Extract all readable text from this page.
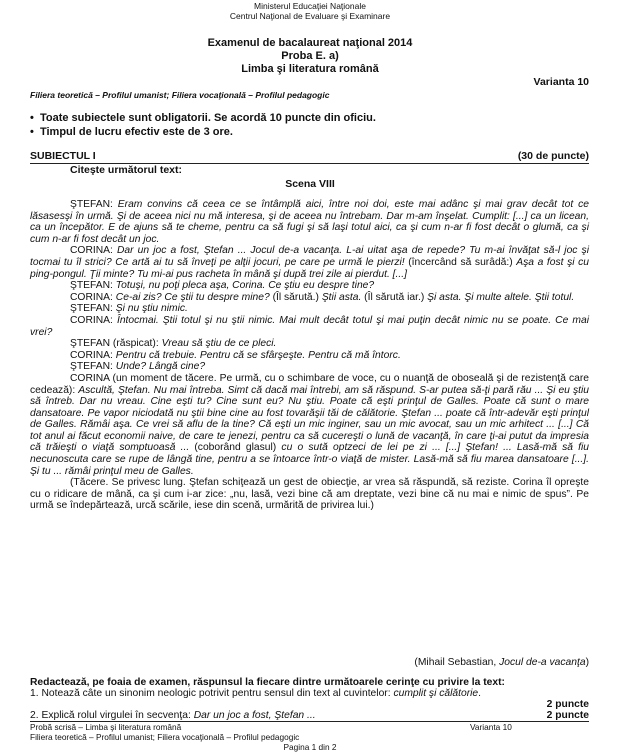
Ministerul Educaţiei Naţionale
Centrul Naţional de Evaluare şi Examinare
Examenul de bacalaureat naţional 2014
Proba E. a)
Limba şi literatura română
Varianta 10
Filiera teoretică – Profilul umanist; Filiera vocaţională – Profilul pedagogic
•  Toate subiectele sunt obligatorii. Se acordă 10 puncte din oficiu.
•  Timpul de lucru efectiv este de 3 ore.
SUBIECTUL I	(30 de puncte)
Citeşte următorul text:
Scena VIII

ŞTEFAN: Eram convins că ceea ce se întâmplă aici, între noi doi, este mai adânc şi mai grav decât tot ce lăsasesşi în urmă. Şi de aceea nici nu mă interesa, şi de aceea nu întrebam. Dar m-am înşelat. Cumplit: [...] ca un licean, ca un începător. E de ajuns să te cheme, pentru ca să fugi şi să laşi totul aici, ca şi cum n-ar fi fost decât o glumă, ca şi cum n-ar fi fost decât un joc.

CORINA: Dar un joc a fost, Ştefan ... Jocul de-a vacanţa. L-ai uitat aşa de repede? Tu m-ai învăţat să-l joc şi tocmai tu îl strici? Ce artă ai tu să înveţi pe alţii jocuri, pe care pe urmă le pierzi! (încercând să surâdă:) Aşa a fost şi cu ping-pongul. Ţii minte? Tu mi-ai pus racheta în mână şi după trei zile ai pierdut. [...]

ŞTEFAN: Totuşi, nu poţi pleca aşa, Corina. Ce ştiu eu despre tine?

CORINA: Ce-ai zis? Ce ştii tu despre mine? (Îl sărută.) Ştii asta. (Îl sărută iar.) Şi asta. Şi multe altele. Ştii totul.

ŞTEFAN: Şi nu ştiu nimic.

CORINA: Întocmai. Ştii totul şi nu ştii nimic. Mai mult decât totul şi mai puţin decât nimic nu se poate. Ce mai vrei?

ŞTEFAN (răspicat): Vreau să ştiu de ce pleci.

CORINA: Pentru că trebuie. Pentru că se sfârşeşte. Pentru că mă întorc.

ŞTEFAN: Unde? Lângă cine?

CORINA (un moment de tăcere. Pe urmă, cu o schimbare de voce, cu o nuanţă de oboseală şi de rezistenţă care cedează): Ascultă, Ştefan. Nu mai întreba. Simt că dacă mai întrebi, am să răspund. S-ar putea să-ţi pară rău ... Şi eu ştiu să întreb. Dar nu vreau. Cine eşti tu? Cine sunt eu? Nu ştiu. Poate că eşti prinţul de Galles. Poate că sunt o mare dansatoare. Pe vapor niciodată nu ştii bine cine au fost tovarăşii tăi de călătorie. Ştefan ... poate că într-adevăr eşti prinţul de Galles. Rămâi aşa. Ce vrei să aflu de la tine? Că eşti un mic inginer, sau un mic avocat, sau un mic arhitect ... [...] Că tot anul ai făcut economii naive, de care te jenezi, pentru ca să cucereşti o lună de vacanţă, în care ţi-ai putut da impresia că trăieşti o viaţă somptuoasă ... (coborând glasul) cu o sută optzeci de lei pe zi ... [...] Ştefan! ... Lasă-mă să fiu necunoscuta care se rupe de lângă tine, pentru a se întoarce într-o viaţă de mister. Lasă-mă să fiu marea dansatoare [...]. Şi tu ... rămâi prinţul meu de Galles.

(Tăcere. Se privesc lung. Ştefan schiţează un gest de obiecţie, ar vrea să răspundă, să reziste. Corina îl opreşte cu o ridicare de mână, ca şi cum i-ar zice: „nu, lasă, vezi bine că am dreptate, vezi bine că nu mai e nimic de spus”. Pe urmă se îndepărtează, urcă scările, iese din scenă, urmărită de privirea lui.)

(Mihail Sebastian, Jocul de-a vacanţa)
Redactează, pe foaia de examen, răspunsul la fiecare dintre următoarele cerinţe cu privire la text:
1. Notează câte un sinonim neologic potrivit pentru sensul din text al cuvintelor: cumplit şi călătorie.
2 puncte
2. Explică rolul virgulei în secvenţa: Dar un joc a fost, Ştefan ...	2 puncte
Probă scrisă – Limba şi literatura română	Varianta 10
Filiera teoretică – Profilul umanist; Filiera vocaţională – Profilul pedagogic
Pagina 1 din 2
